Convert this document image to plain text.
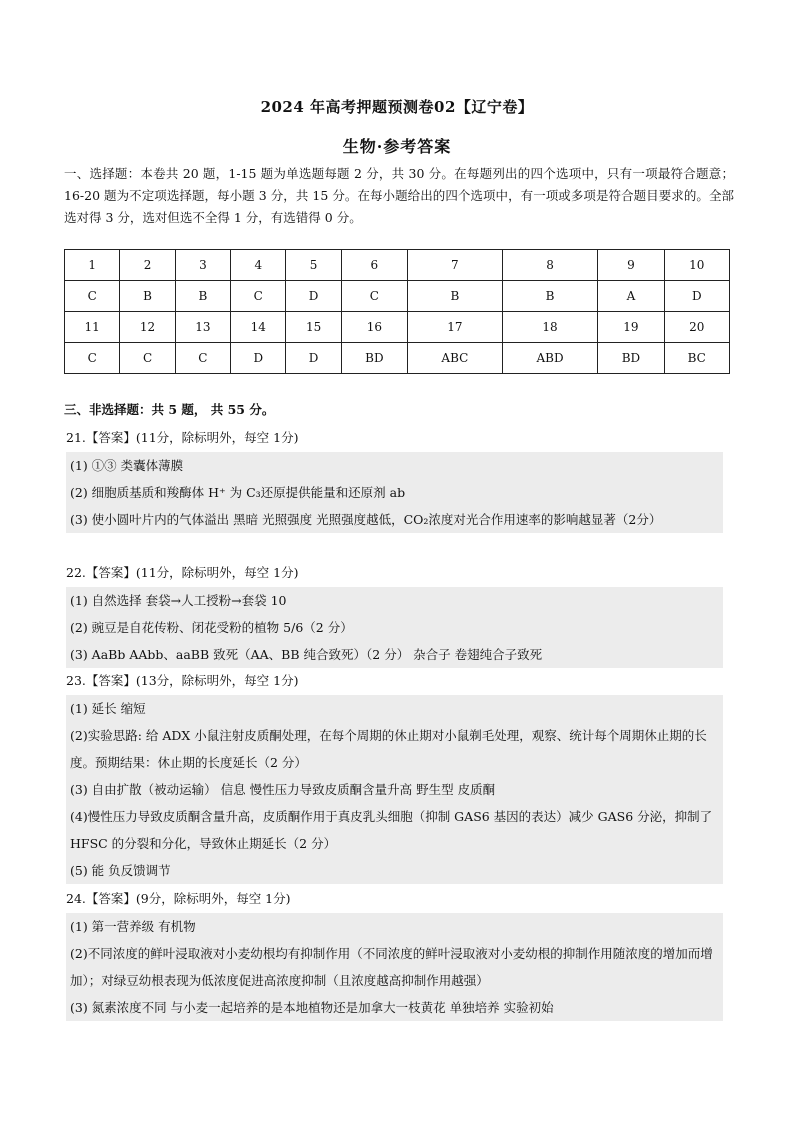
2024 年高考押题预测卷02【辽宁卷】
生物·参考答案
一、选择题：本卷共 20 题，1-15 题为单选题每题 2 分，共 30 分。在每题列出的四个选项中，只有一项最符合题意；16-20 题为不定项选择题，每小题 3 分，共 15 分。在每小题给出的四个选项中，有一项或多项是符合题目要求的。全部选对得 3 分，选对但选不全得 1 分，有选错得 0 分。
1	2	3	4	5	6	7	8	9	10
C	B	B	C	D	C	B	B	A	D
11	12	13	14	15	16	17	18	19	20
C	C	C	D	D	BD	ABC	ABD	BD	BC
三、非选择题：共 5 题， 共 55 分。
21.【答案】(11分，除标明外，每空 1分)
(1) ①③ 类囊体薄膜
(2) 细胞质基质和羧酶体 H⁺ 为 C₃还原提供能量和还原剂 ab
(3) 使小圆叶片内的气体溢出 黑暗 光照强度 光照强度越低，CO₂浓度对光合作用速率的影响越显著（2分）
22.【答案】(11分，除标明外，每空 1分)
(1) 自然选择 套袋→人工授粉→套袋 10
(2) 豌豆是自花传粉、闭花受粉的植物 5/6（2 分）
(3) AaBb AAbb、aaBB 致死（AA、BB 纯合致死）（2 分） 杂合子 卷翅纯合子致死
23.【答案】(13分，除标明外，每空 1分)
(1) 延长 缩短
(2)实验思路: 给 ADX 小鼠注射皮质酮处理，在每个周期的休止期对小鼠剃毛处理，观察、统计每个周期休止期的长度。预期结果：休止期的长度延长（2 分）
(3) 自由扩散（被动运输） 信息 慢性压力导致皮质酮含量升高 野生型 皮质酮
(4)慢性压力导致皮质酮含量升高，皮质酮作用于真皮乳头细胞（抑制 GAS6 基因的表达）减少 GAS6 分泌，抑制了 HFSC 的分裂和分化，导致休止期延长（2 分）
(5) 能 负反馈调节
24.【答案】(9分，除标明外，每空 1分)
(1) 第一营养级 有机物
(2)不同浓度的鲜叶浸取液对小麦幼根均有抑制作用（不同浓度的鲜叶浸取液对小麦幼根的抑制作用随浓度的增加而增加）；对绿豆幼根表现为低浓度促进高浓度抑制（且浓度越高抑制作用越强）
(3) 氮素浓度不同 与小麦一起培养的是本地植物还是加拿大一枝黄花 单独培养 实验初始
